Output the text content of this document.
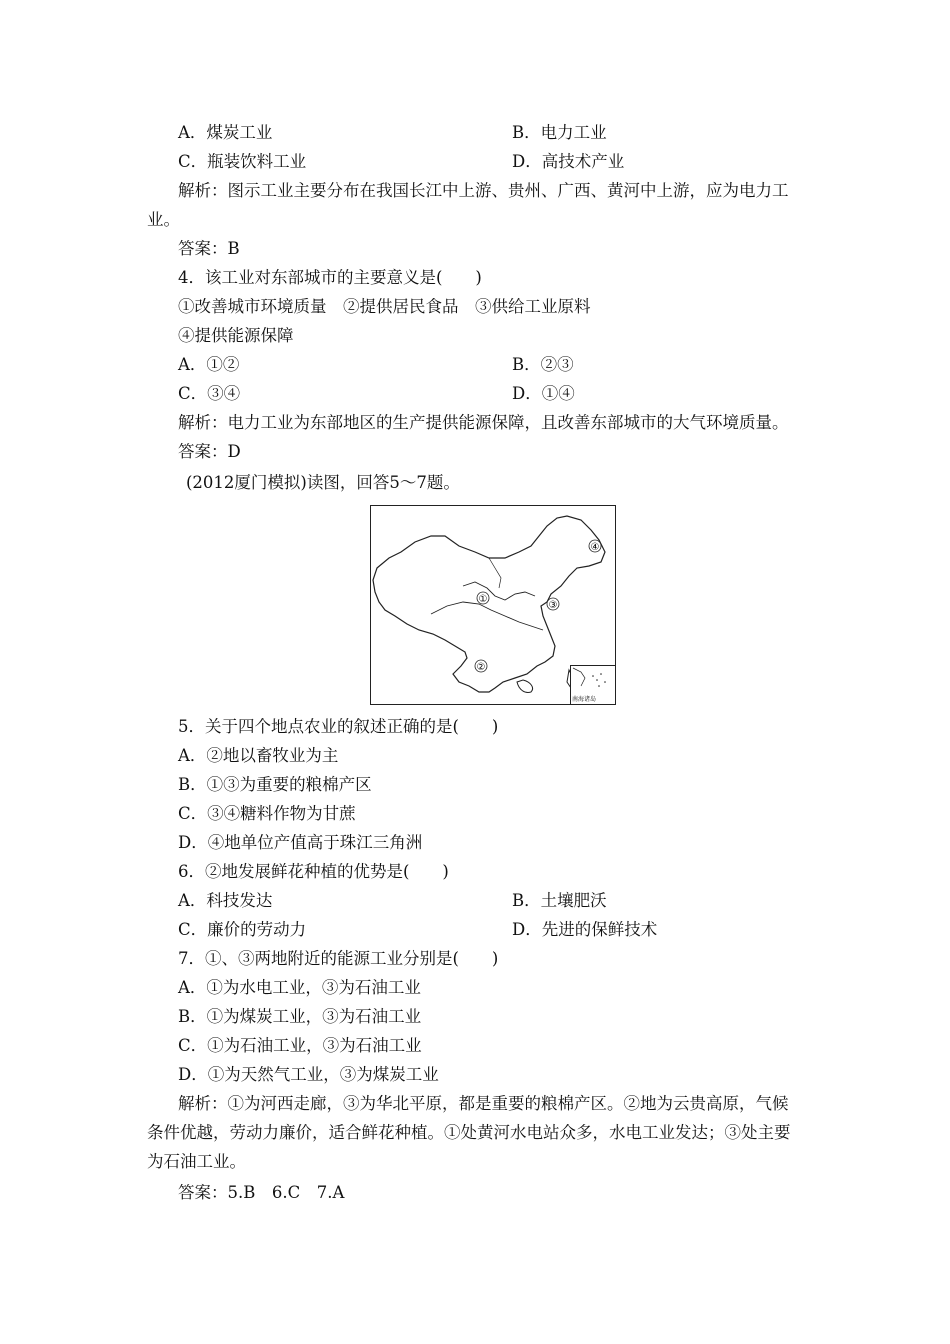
A．煤炭工业	B．电力工业
C．瓶装饮料工业	D．高技术产业
解析：图示工业主要分布在我国长江中上游、贵州、广西、黄河中上游，应为电力工
业。
答案：B
4．该工业对东部城市的主要意义是(　　)
①改善城市环境质量　②提供居民食品　③供给工业原料
④提供能源保障
A．①②	B．②③
C．③④	D．①④
解析：电力工业为东部地区的生产提供能源保障，且改善东部城市的大气环境质量。
答案：D
(2012厦门模拟)读图，回答5～7题。
①
②
③
④
南海诸岛
5．关于四个地点农业的叙述正确的是(　　)
A．②地以畜牧业为主
B．①③为重要的粮棉产区
C．③④糖料作物为甘蔗
D．④地单位产值高于珠江三角洲
6．②地发展鲜花种植的优势是(　　)
A．科技发达	B．土壤肥沃
C．廉价的劳动力	D．先进的保鲜技术
7．①、③两地附近的能源工业分别是(　　)
A．①为水电工业，③为石油工业
B．①为煤炭工业，③为石油工业
C．①为石油工业，③为石油工业
D．①为天然气工业，③为煤炭工业
解析：①为河西走廊，③为华北平原，都是重要的粮棉产区。②地为云贵高原，气候
条件优越，劳动力廉价，适合鲜花种植。①处黄河水电站众多，水电工业发达；③处主要
为石油工业。
答案：5.B　6.C　7.A
